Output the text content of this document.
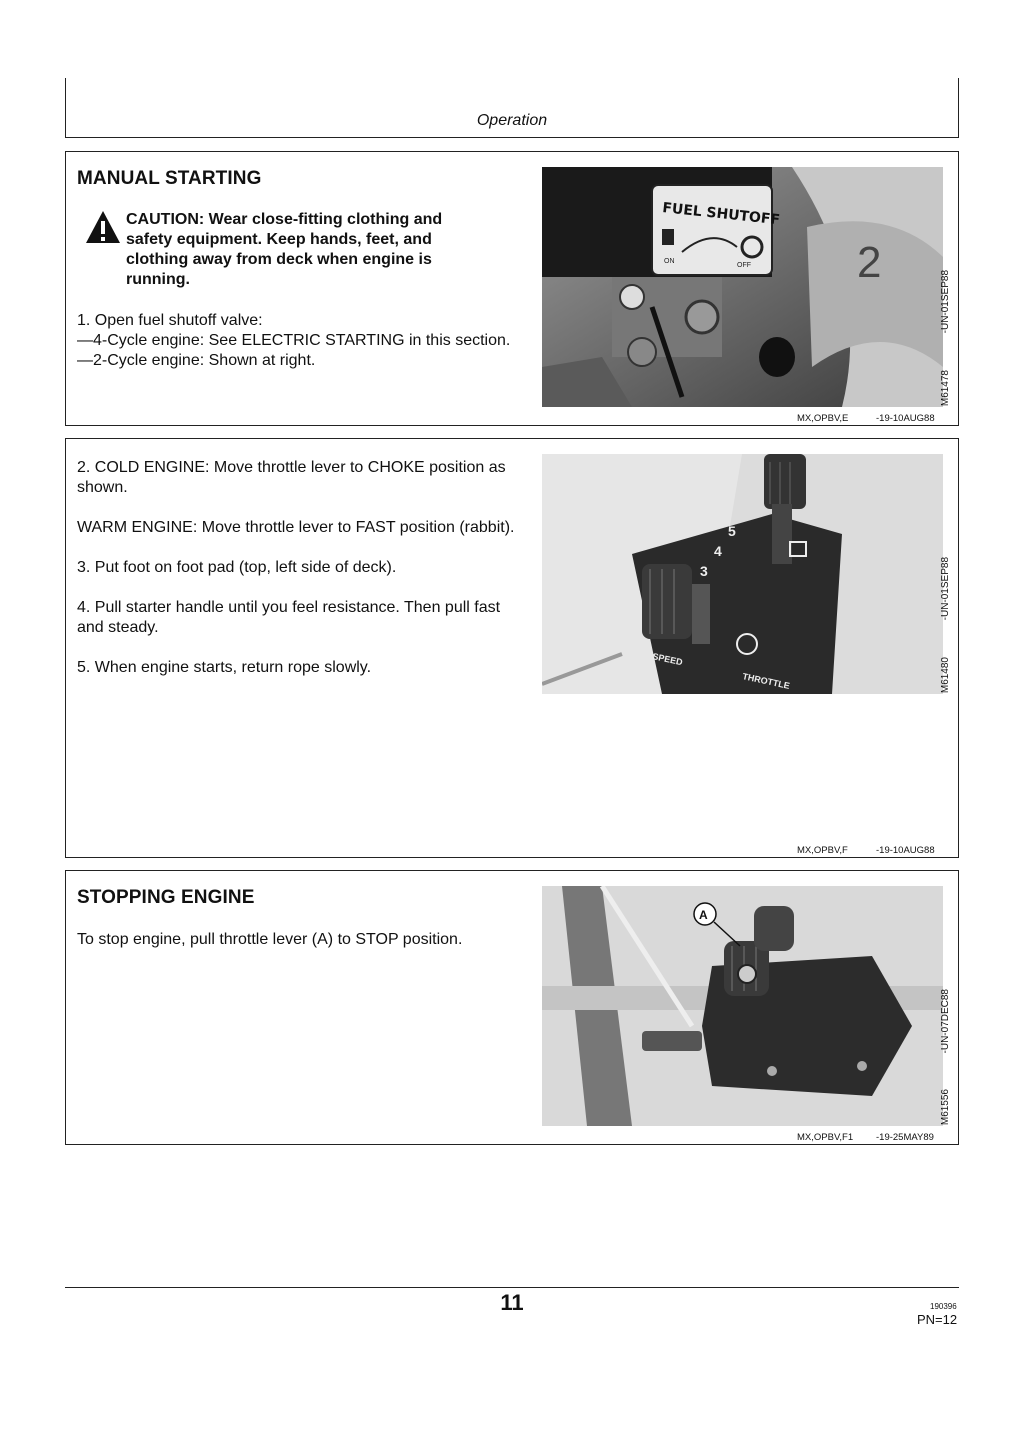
Operation
MANUAL STARTING
CAUTION: Wear close-fitting clothing and safety equipment. Keep hands, feet, and clothing away from deck when engine is running.
1. Open fuel shutoff valve:
—4-Cycle engine: See ELECTRIC STARTING in this section.
—2-Cycle engine: Shown at right.
FUEL SHUTOFF
ON
OFF 2
-UN-01SEP88
M61478
MX,OPBV,E	-19-10AUG88

2. COLD ENGINE: Move throttle lever to CHOKE position as shown.

WARM ENGINE: Move throttle lever to FAST position (rabbit).

3. Put foot on foot pad (top, left side of deck).

4. Pull starter handle until you feel resistance. Then pull fast and steady.

5. When engine starts, return rope slowly.

5
4
3
SPEED
THROTTLE
-UN-01SEP88
M61480
MX,OPBV,F	-19-10AUG88
STOPPING ENGINE

To stop engine, pull throttle lever (A) to STOP position.

A
-UN-07DEC88
M61556
MX,OPBV,F1 -19-25MAY89
11	190396
PN=12
